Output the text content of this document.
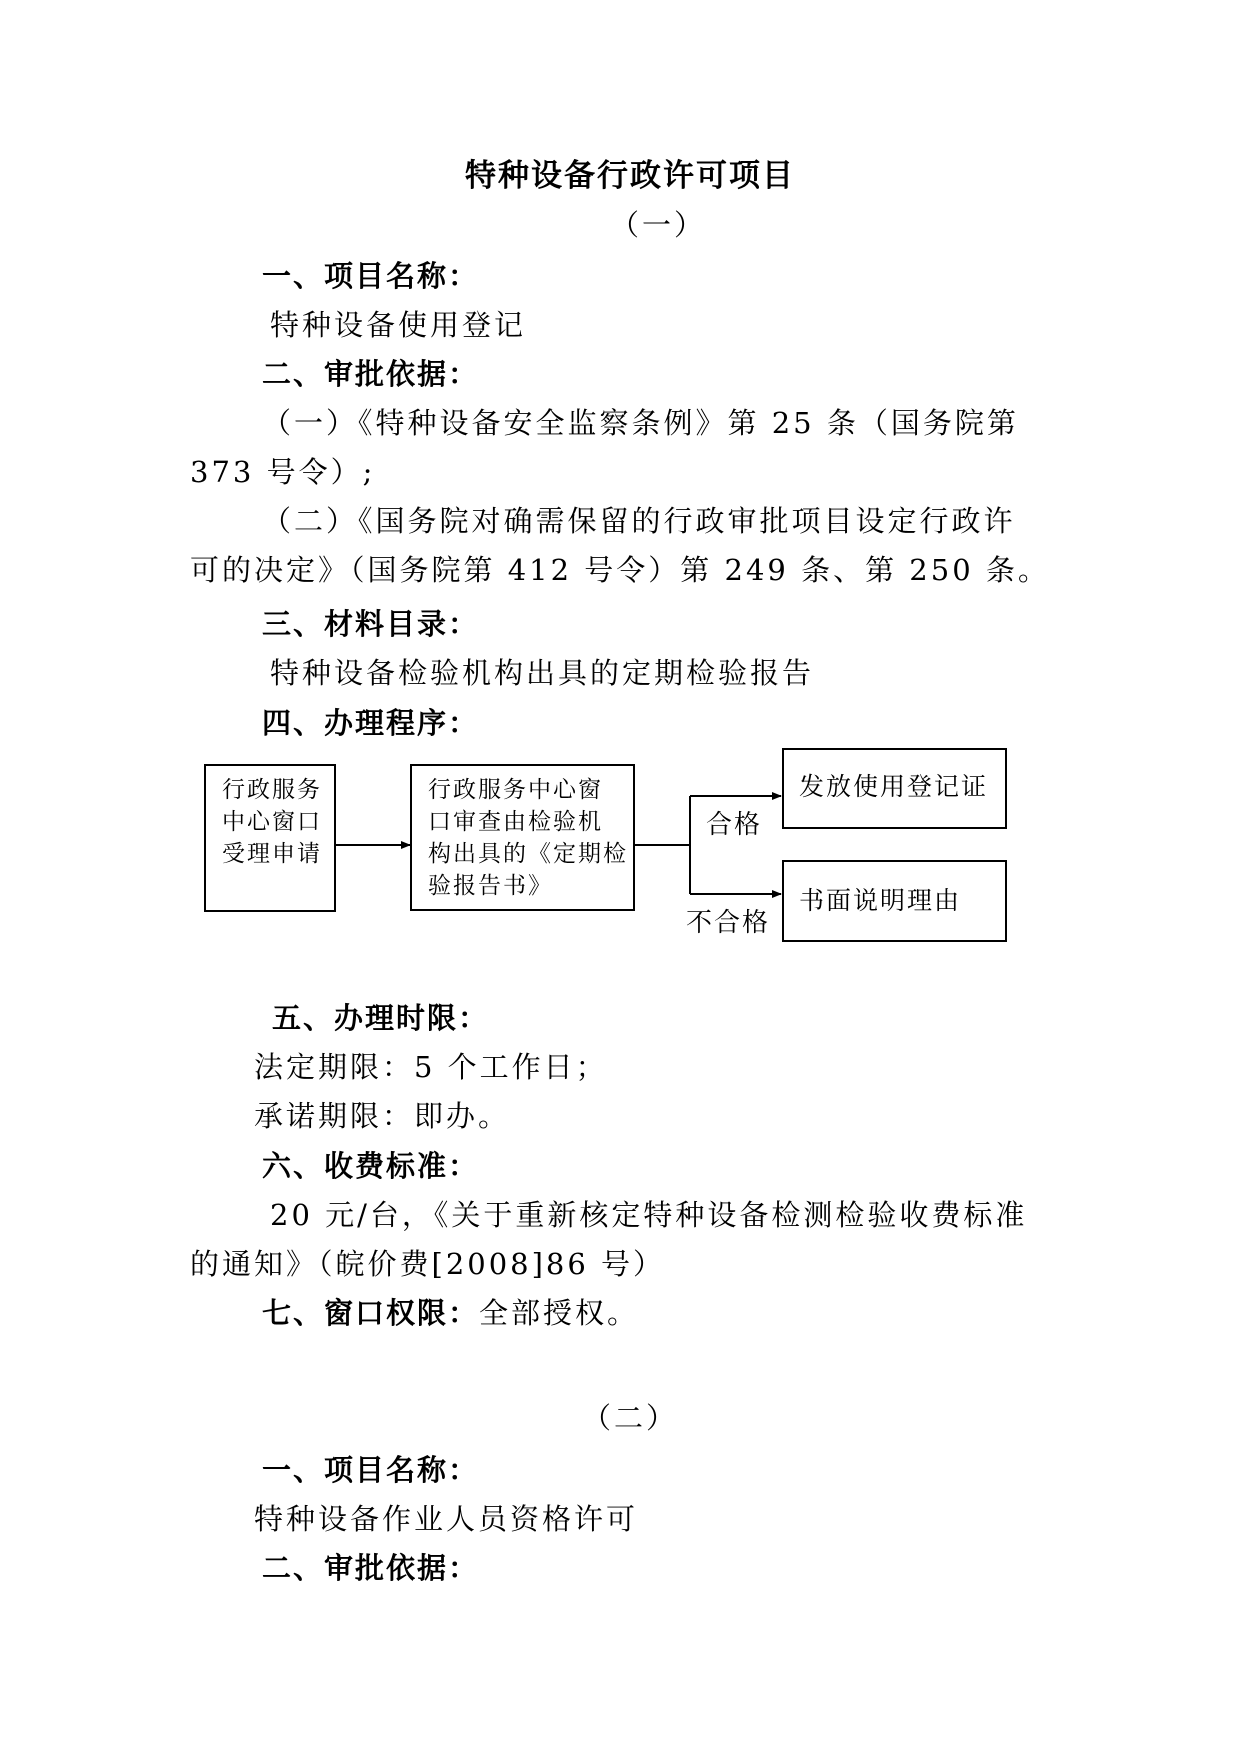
特种设备行政许可项目
（一）
一、项目名称：
特种设备使用登记
二、审批依据：
（一）《特种设备安全监察条例》第 25 条（国务院第
373 号令）;
（二）《国务院对确需保留的行政审批项目设定行政许
可的决定》（国务院第 412 号令）第 249 条、第 250 条。
三、材料目录：
特种设备检验机构出具的定期检验报告
四、办理程序：
行政服务
中心窗口
受理申请
行政服务中心窗
口审查由检验机
构出具的《定期检
验报告书》
合格
不合格
发放使用登记证
书面说明理由
五、办理时限：
法定期限：5 个工作日；
承诺期限：即办。
六、收费标准：
20 元/台，《关于重新核定特种设备检测检验收费标准
的通知》（皖价费[2008]86 号）
七、窗口权限：全部授权。
（二）
一、项目名称：
特种设备作业人员资格许可
二、审批依据：
